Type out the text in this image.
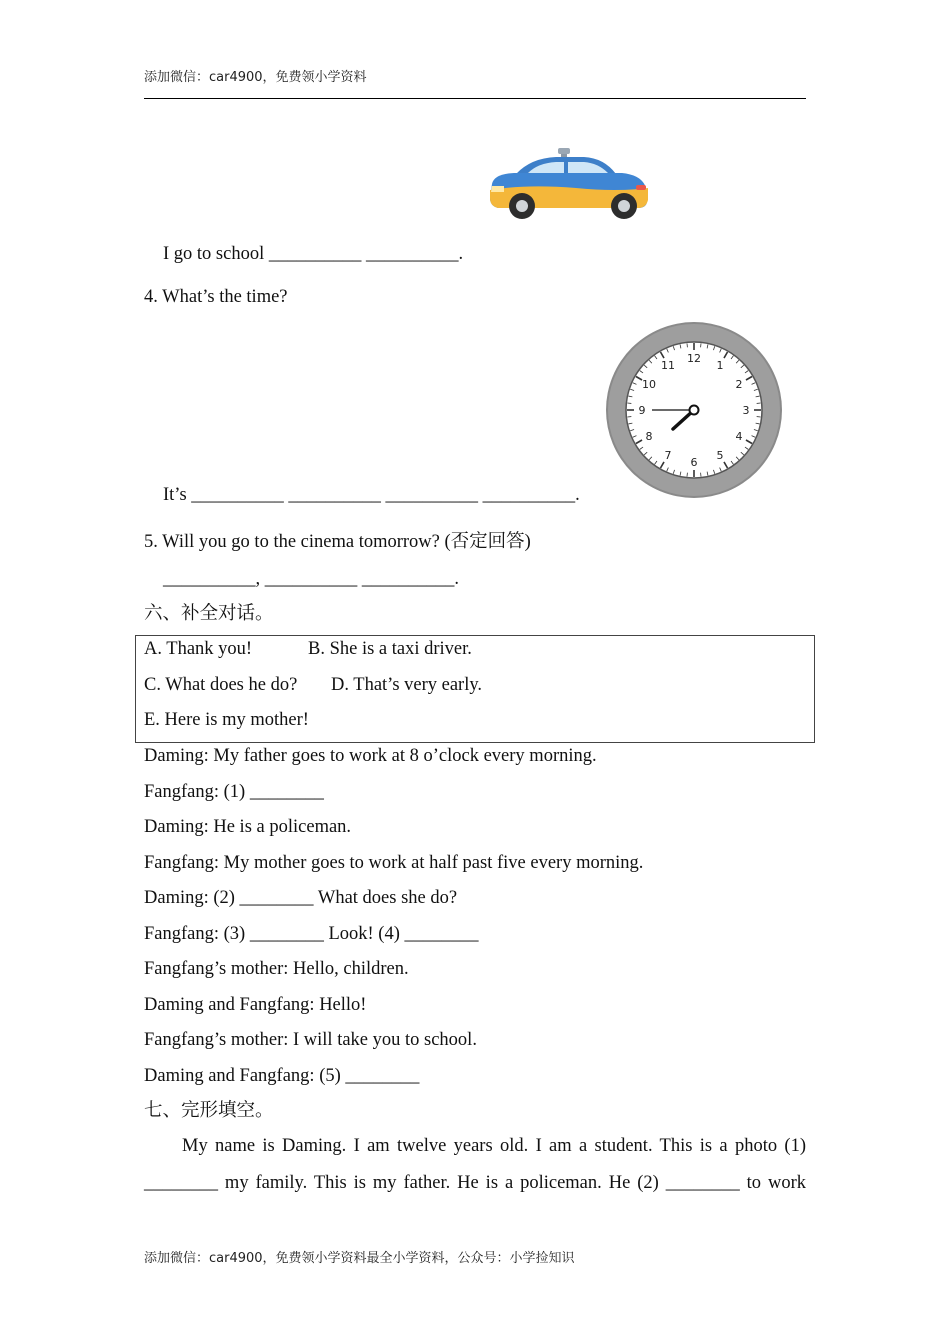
添加微信：car4900，免费领小学资料
I go to school __________ __________.
4. What’s the time?
12
1
2
3
4
5
6
7
8
9
10
11
It’s __________ __________ __________ __________.
5. Will you go to the cinema tomorrow? (否定回答)
__________, __________ __________.
六、补全对话。
A. Thank you!	B. She is a taxi driver.
C. What does he do? D. That’s very early.
E. Here is my mother!
Daming: My father goes to work at 8 o’clock every morning.
Fangfang: (1) ________
Daming: He is a policeman.
Fangfang: My mother goes to work at half past five every morning.
Daming: (2) ________ What does she do?
Fangfang: (3) ________ Look! (4) ________
Fangfang’s mother: Hello, children.
Daming and Fangfang: Hello!
Fangfang’s mother: I will take you to school.
Daming and Fangfang: (5) ________
七、完形填空。
My name is Daming. I am twelve years old. I am a student. This is a photo (1)
________ my family. This is my father. He is a policeman. He (2) ________ to work
添加微信：car4900，免费领小学资料最全小学资料，公众号：小学捡知识
